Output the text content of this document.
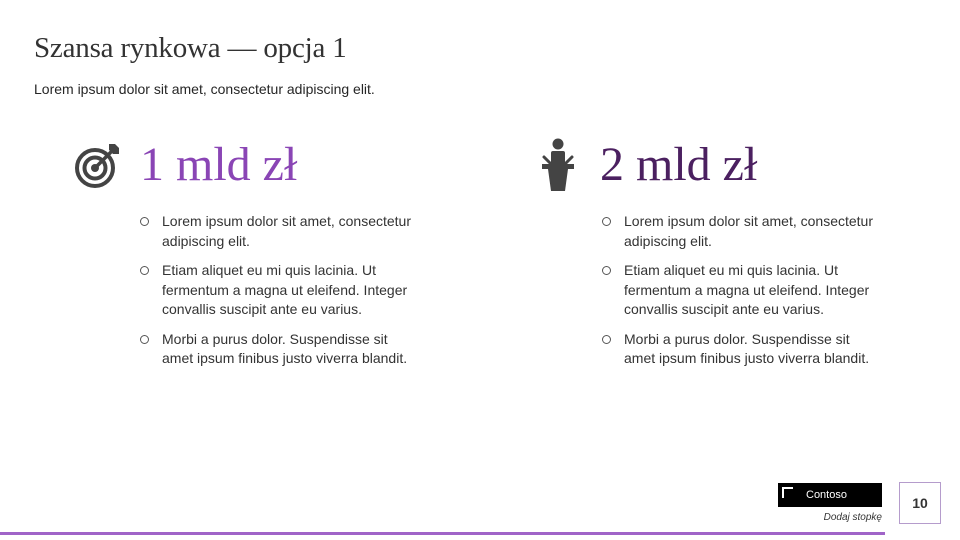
Szansa rynkowa — opcja 1

Lorem ipsum dolor sit amet, consectetur adipiscing elit.

1 mld zł
Lorem ipsum dolor sit amet, consectetur adipiscing elit.
Etiam aliquet eu mi quis lacinia. Ut fermentum a magna ut eleifend. Integer convallis suscipit ante eu varius.
Morbi a purus dolor. Suspendisse sit amet ipsum finibus justo viverra blandit.
2 mld zł
Lorem ipsum dolor sit amet, consectetur adipiscing elit.
Etiam aliquet eu mi quis lacinia. Ut fermentum a magna ut eleifend. Integer convallis suscipit ante eu varius.
Morbi a purus dolor. Suspendisse sit amet ipsum finibus justo viverra blandit.
Contoso
Dodaj stopkę
10
